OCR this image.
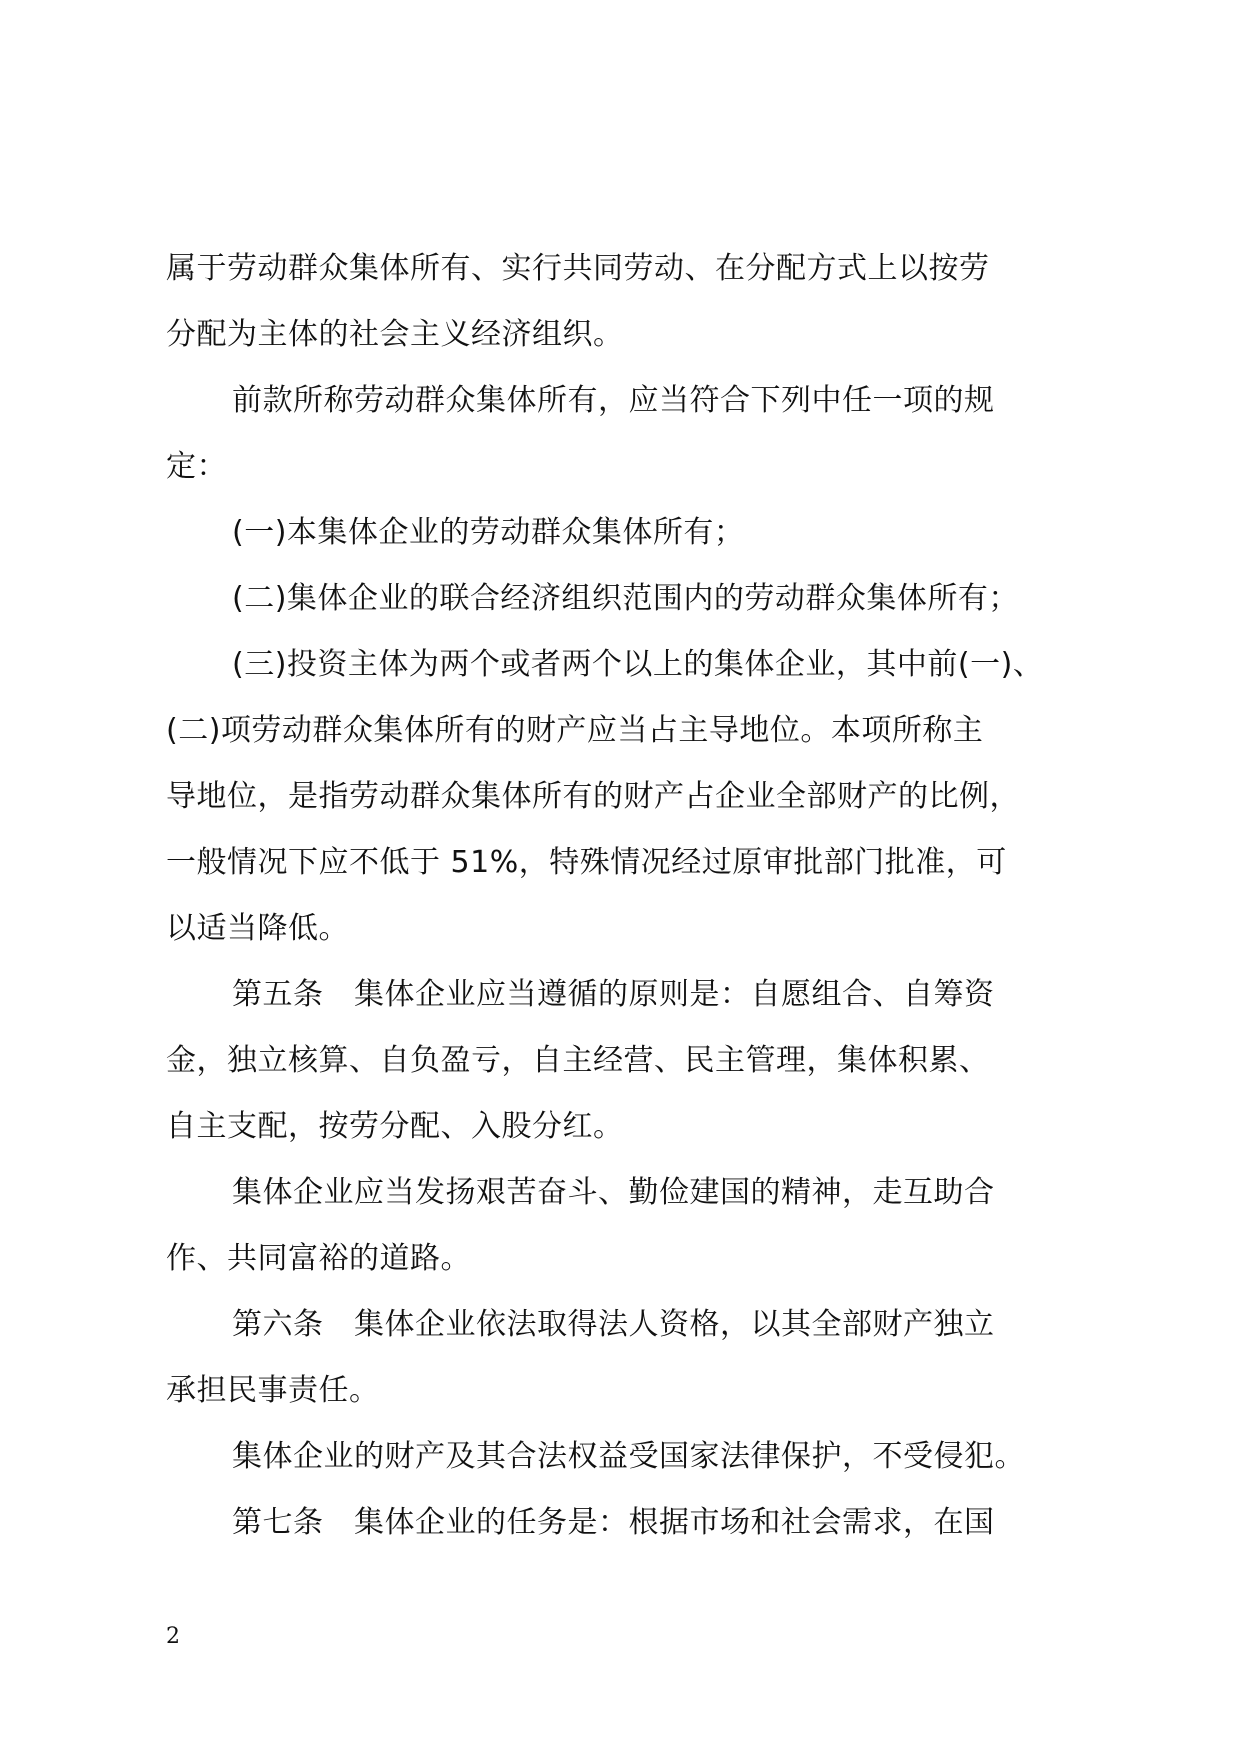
属于劳动群众集体所有、实行共同劳动、在分配方式上以按劳
分配为主体的社会主义经济组织。
前款所称劳动群众集体所有，应当符合下列中任一项的规
定：
(一)本集体企业的劳动群众集体所有；
(二)集体企业的联合经济组织范围内的劳动群众集体所有；
(三)投资主体为两个或者两个以上的集体企业，其中前(一)、
(二)项劳动群众集体所有的财产应当占主导地位。本项所称主
导地位，是指劳动群众集体所有的财产占企业全部财产的比例，
一般情况下应不低于 51%，特殊情况经过原审批部门批准，可
以适当降低。
第五条　集体企业应当遵循的原则是：自愿组合、自筹资
金，独立核算、自负盈亏，自主经营、民主管理，集体积累、
自主支配，按劳分配、入股分红。
集体企业应当发扬艰苦奋斗、勤俭建国的精神，走互助合
作、共同富裕的道路。
第六条　集体企业依法取得法人资格，以其全部财产独立
承担民事责任。
集体企业的财产及其合法权益受国家法律保护，不受侵犯。
第七条　集体企业的任务是：根据市场和社会需求，在国
2
